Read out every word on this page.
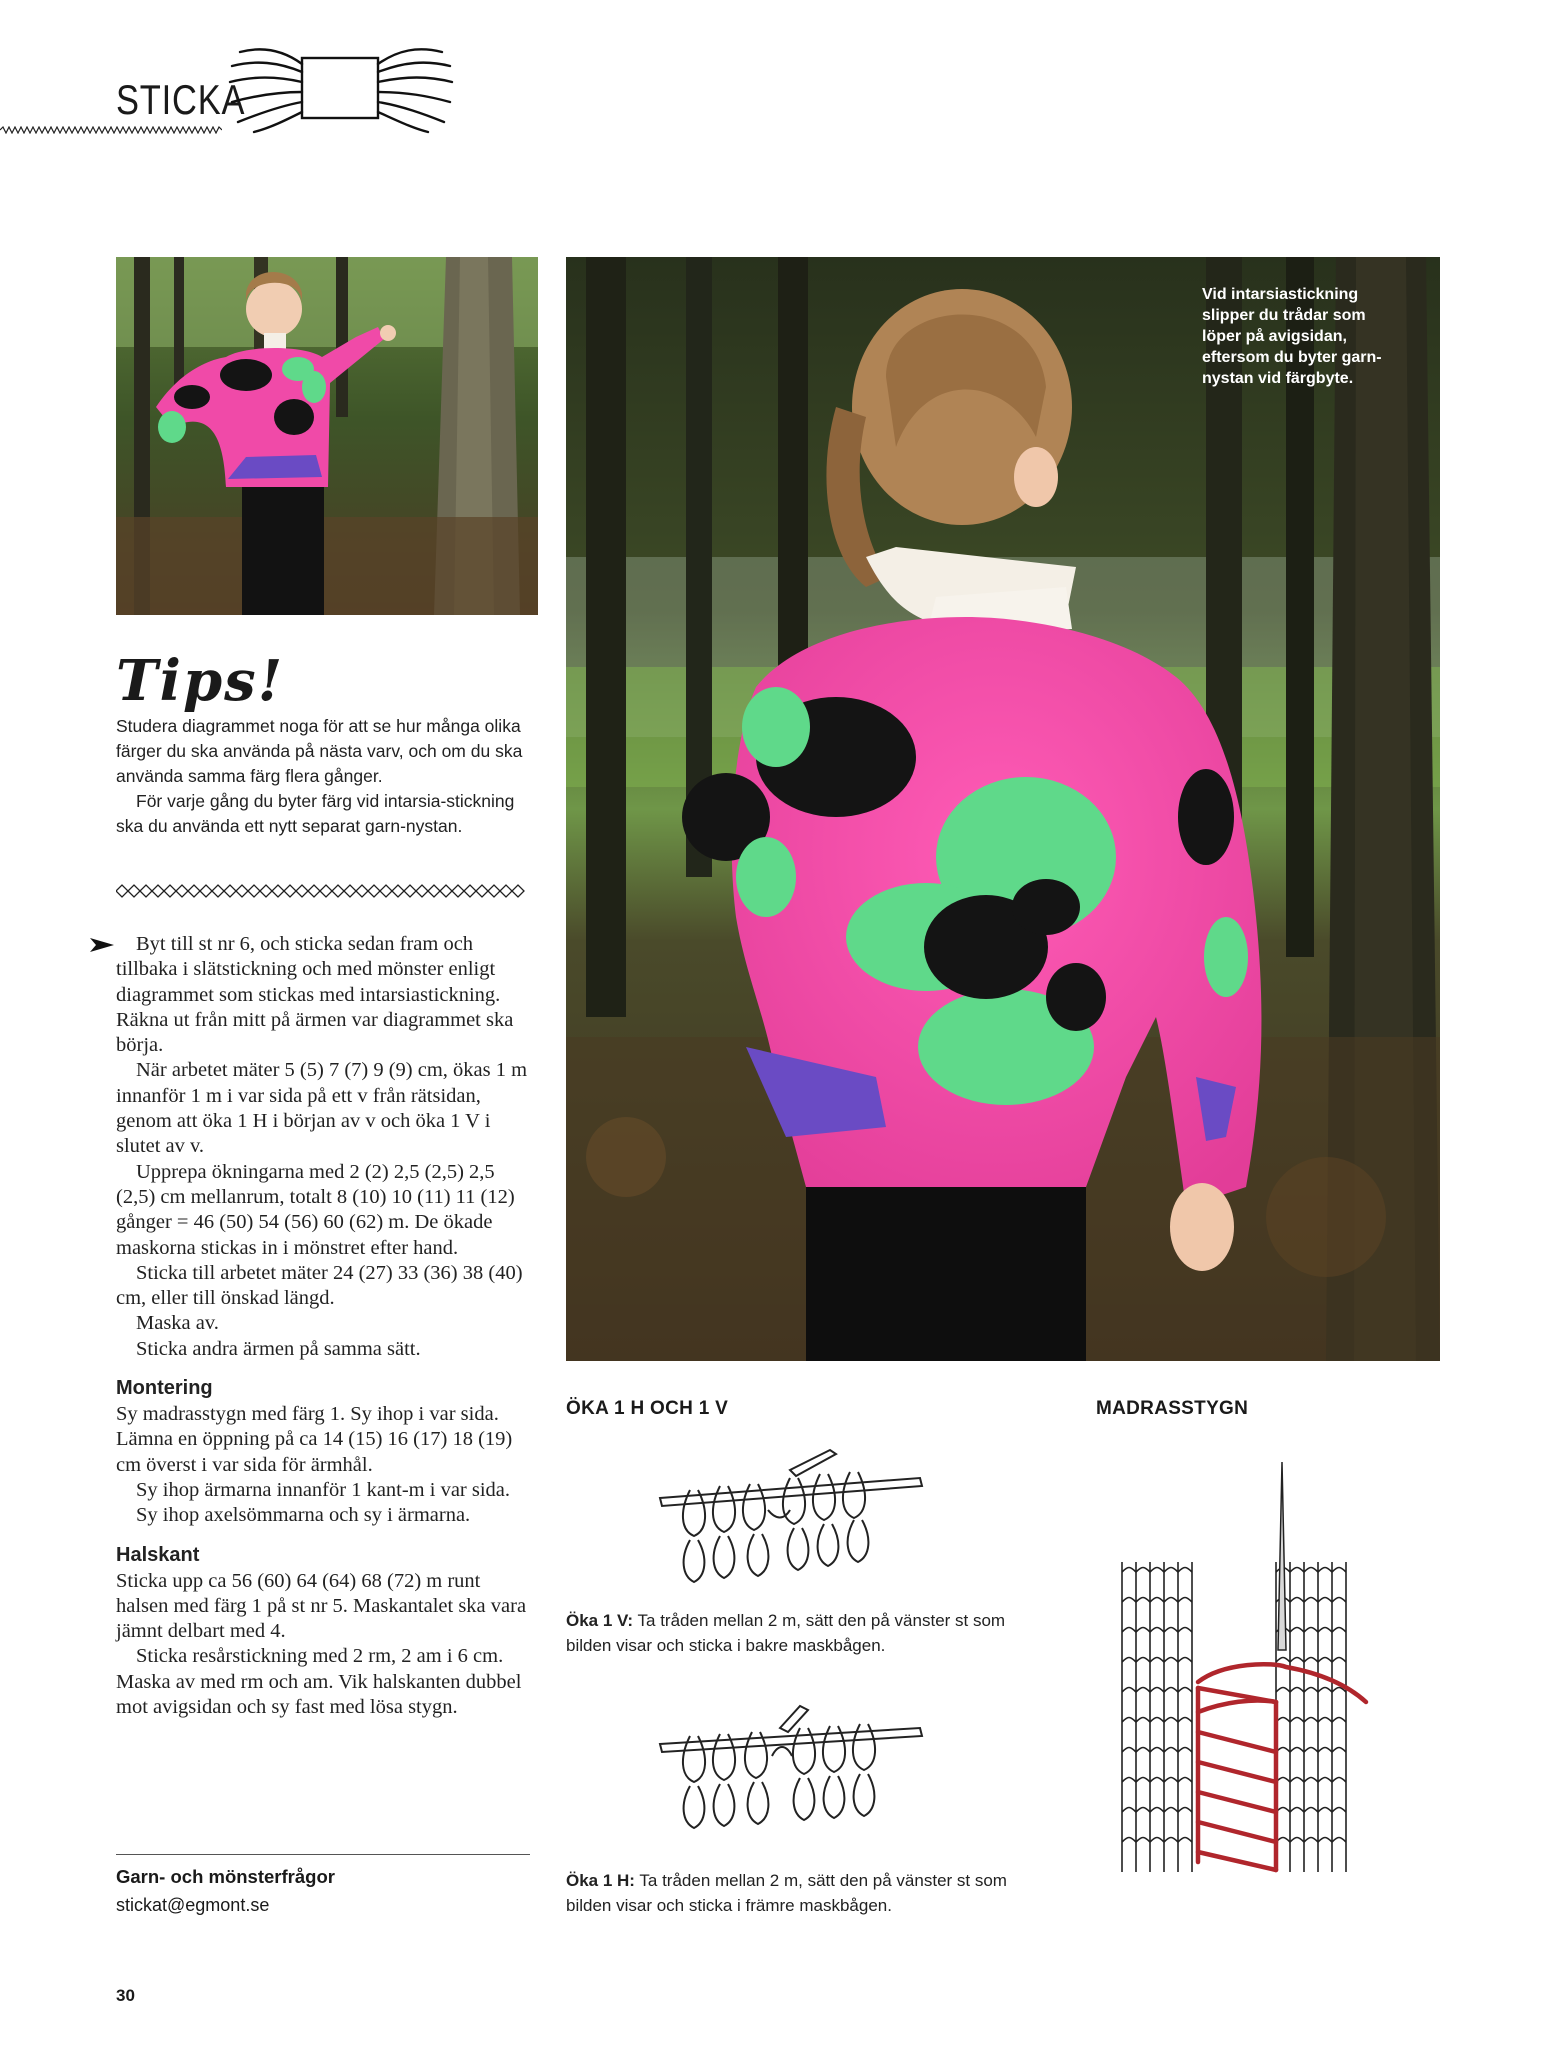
STICKA
Vid intarsiastickning
slipper du trådar som
löper på avigsidan,
eftersom du byter garn-
nystan vid färgbyte.
Tips!

Studera diagrammet noga för att se hur många olika färger du ska använda på nästa varv, och om du ska använda samma färg flera gånger.

För varje gång du byter färg vid intarsia-stickning ska du använda ett nytt separat garn-nystan.

Byt till st nr 6, och sticka sedan fram och tillbaka i slätstickning och med mönster enligt diagrammet som stickas med intarsiastickning. Räkna ut från mitt på ärmen var diagrammet ska börja.

När arbetet mäter 5 (5) 7 (7) 9 (9) cm, ökas 1 m innanför 1 m i var sida på ett v från rätsidan, genom att öka 1 H i början av v och öka 1 V i slutet av v.

Upprepa ökningarna med 2 (2) 2,5 (2,5) 2,5 (2,5) cm mellanrum, totalt 8 (10) 10 (11) 11 (12) gånger = 46 (50) 54 (56) 60 (62) m. De ökade maskorna stickas in i mönstret efter hand.

Sticka till arbetet mäter 24 (27) 33 (36) 38 (40) cm, eller till önskad längd.

Maska av.

Sticka andra ärmen på samma sätt.

Montering

Sy madrasstygn med färg 1. Sy ihop i var sida. Lämna en öppning på ca 14 (15) 16 (17) 18 (19) cm överst i var sida för ärmhål.

Sy ihop ärmarna innanför 1 kant-m i var sida.

Sy ihop axelsömmarna och sy i ärmarna.

Halskant

Sticka upp ca 56 (60) 64 (64) 68 (72) m runt halsen med färg 1 på st nr 5. Maskantalet ska vara jämnt delbart med 4.

Sticka resårstickning med 2 rm, 2 am i 6 cm. Maska av med rm och am. Vik halskanten dubbel mot avigsidan och sy fast med lösa stygn.

Garn- och mönsterfrågor
stickat@egmont.se
30
ÖKA 1 H OCH 1 V	MADRASSTYGN
Öka 1 V: Ta tråden mellan 2 m, sätt den på vänster st som bilden visar och sticka i bakre maskbågen.
Öka 1 H: Ta tråden mellan 2 m, sätt den på vänster st som bilden visar och sticka i främre maskbågen.
